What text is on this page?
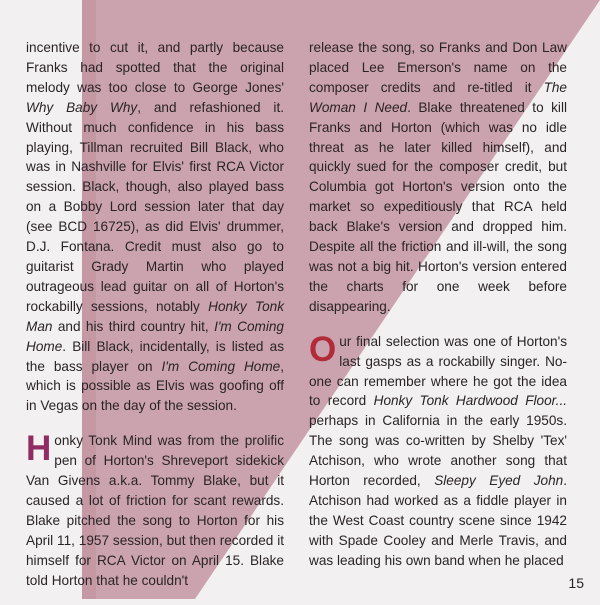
incentive to cut it, and partly because Franks had spotted that the original melody was too close to George Jones' Why Baby Why, and refashioned it. Without much confidence in his bass playing, Tillman recruited Bill Black, who was in Nashville for Elvis' first RCA Victor session. Black, though, also played bass on a Bobby Lord session later that day (see BCD 16725), as did Elvis' drummer, D.J. Fontana. Credit must also go to guitarist Grady Martin who played outrageous lead guitar on all of Horton's rockabilly sessions, notably Honky Tonk Man and his third country hit, I'm Coming Home. Bill Black, incidentally, is listed as the bass player on I'm Coming Home, which is possible as Elvis was goofing off in Vegas on the day of the session.

Honky Tonk Mind was from the prolific pen of Horton's Shreveport sidekick Van Givens a.k.a. Tommy Blake, but it caused a lot of friction for scant rewards. Blake pitched the song to Horton for his April 11, 1957 session, but then recorded it himself for RCA Victor on April 15. Blake told Horton that he couldn't

release the song, so Franks and Don Law placed Lee Emerson's name on the composer credits and re-titled it The Woman I Need. Blake threatened to kill Franks and Horton (which was no idle threat as he later killed himself), and quickly sued for the composer credit, but Columbia got Horton's version onto the market so expeditiously that RCA held back Blake's version and dropped him. Despite all the friction and ill-will, the song was not a big hit. Horton's version entered the charts for one week before disappearing.

Our final selection was one of Horton's last gasps as a rockabilly singer. No-one can remember where he got the idea to record Honky Tonk Hardwood Floor... perhaps in California in the early 1950s. The song was co-written by Shelby 'Tex' Atchison, who wrote another song that Horton recorded, Sleepy Eyed John. Atchison had worked as a fiddle player in the West Coast country scene since 1942 with Spade Cooley and Merle Travis, and was leading his own band when he placed

15
